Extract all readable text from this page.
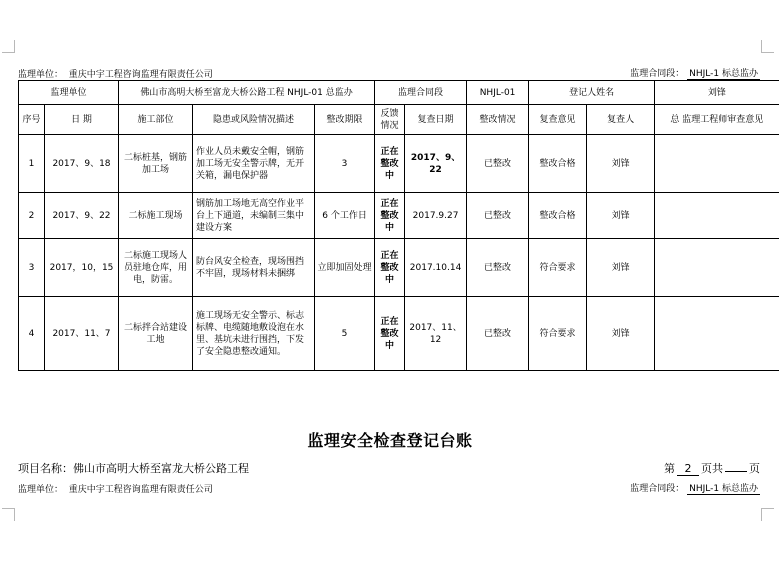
监理单位： 重庆中宇工程咨询监理有限责任公司	监理合同段： NHJL-1 标总监办
监理单位		佛山市高明大桥至富龙大桥公路工程 NHJL-01 总监办			监理合同段		NHJL-01	登记人姓名		刘锋
序号	日 期	施工部位	隐患或风险情况描述	整改期限	反馈情况	复查日期	整改情况	复查意见	复查人	总 监理工程师审查意见
1	2017、9、18	二标桩基，钢筋加工场	作业人员未戴安全帽，钢筋加工场无安全警示牌，无开关箱，漏电保护器	3	正在整改中	2017、9、22	已整改	整改合格	刘锋	
2	2017、9、22	二标施工现场	钢筋加工场地无高空作业平台上下通道，未编制三集中建设方案	6 个工作日	正在整改中	2017.9.27	已整改	整改合格	刘锋	
3	2017，10，15	二标施工现场人员驻地仓库，用电，防雷。	防台风安全检查，现场围挡不牢固，现场材料未捆绑	立即加固处理	正在整改中	2017.10.14	已整改	符合要求	刘锋	
4	2017、11、7	二标拌合站建设工地	施工现场无安全警示、标志标牌、电缆随地敷设泡在水里、基坑未进行围挡，下发了安全隐患整改通知。	5	正在整改中	2017、11、12	已整改	符合要求	刘锋	
监理安全检查登记台账
项目名称：佛山市高明大桥至富龙大桥公路工程	第 2 页共 页
监理单位： 重庆中宇工程咨询监理有限责任公司	监理合同段： NHJL-1 标总监办
